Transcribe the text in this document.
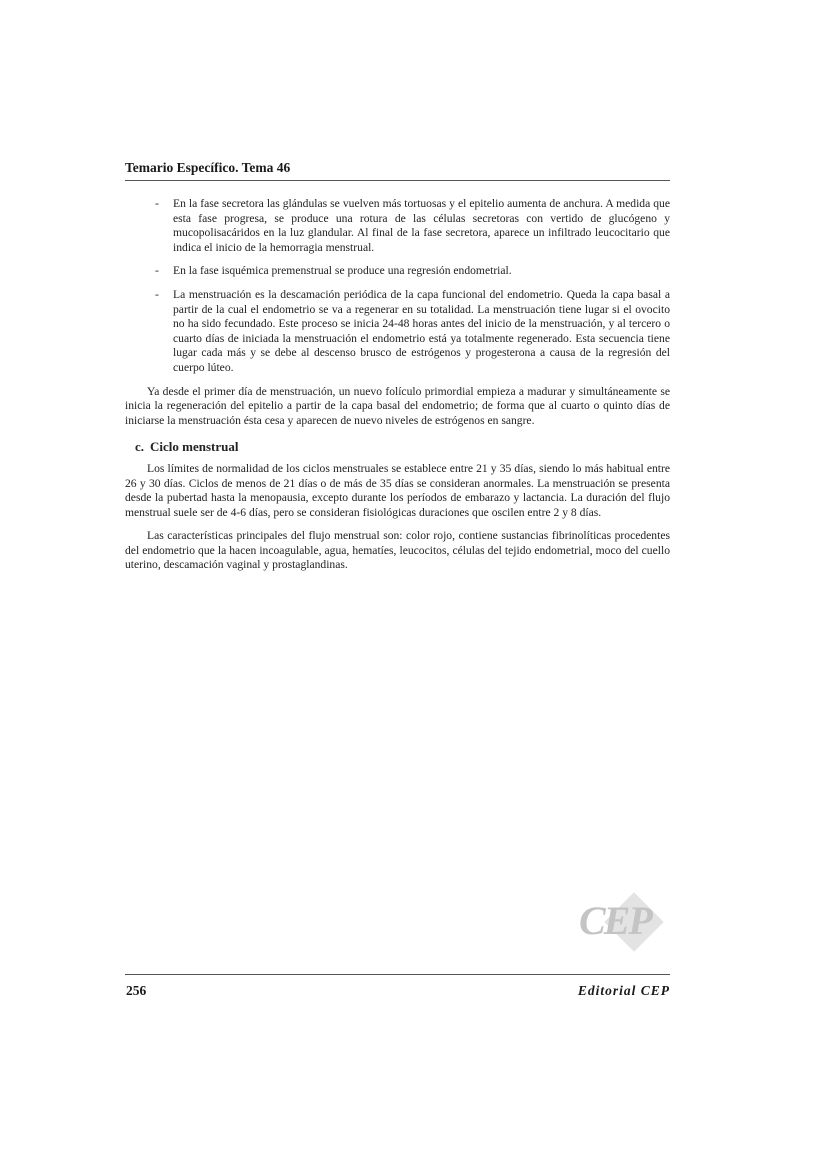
Temario Específico. Tema 46
- En la fase secretora las glándulas se vuelven más tortuosas y el epitelio aumenta de anchura. A medida que esta fase progresa, se produce una rotura de las células secretoras con vertido de glucógeno y mucopolisacáridos en la luz glandular. Al final de la fase secretora, aparece un infiltrado leucocitario que indica el inicio de la hemorragia menstrual.
- En la fase isquémica premenstrual se produce una regresión endometrial.
- La menstruación es la descamación periódica de la capa funcional del endometrio. Queda la capa basal a partir de la cual el endometrio se va a regenerar en su totalidad. La menstruación tiene lugar si el ovocito no ha sido fecundado. Este proceso se inicia 24-48 horas antes del inicio de la menstruación, y al tercero o cuarto días de iniciada la menstruación el endometrio está ya totalmente regenerado. Esta secuencia tiene lugar cada más y se debe al descenso brusco de estrógenos y progesterona a causa de la regresión del cuerpo lúteo.

Ya desde el primer día de menstruación, un nuevo folículo primordial empieza a madurar y simultáneamente se inicia la regeneración del epitelio a partir de la capa basal del endometrio; de forma que al cuarto o quinto días de iniciarse la menstruación ésta cesa y aparecen de nuevo niveles de estrógenos en sangre.

c. Ciclo menstrual

Los límites de normalidad de los ciclos menstruales se establece entre 21 y 35 días, siendo lo más habitual entre 26 y 30 días. Ciclos de menos de 21 días o de más de 35 días se consideran anormales. La menstruación se presenta desde la pubertad hasta la menopausia, excepto durante los períodos de embarazo y lactancia. La duración del flujo menstrual suele ser de 4-6 días, pero se consideran fisiológicas duraciones que oscilen entre 2 y 8 días.

Las características principales del flujo menstrual son: color rojo, contiene sustancias fibrinolíticas procedentes del endometrio que la hacen incoagulable, agua, hematíes, leucocitos, células del tejido endometrial, moco del cuello uterino, descamación vaginal y prostaglandinas.

CEP
256	Editorial CEP
